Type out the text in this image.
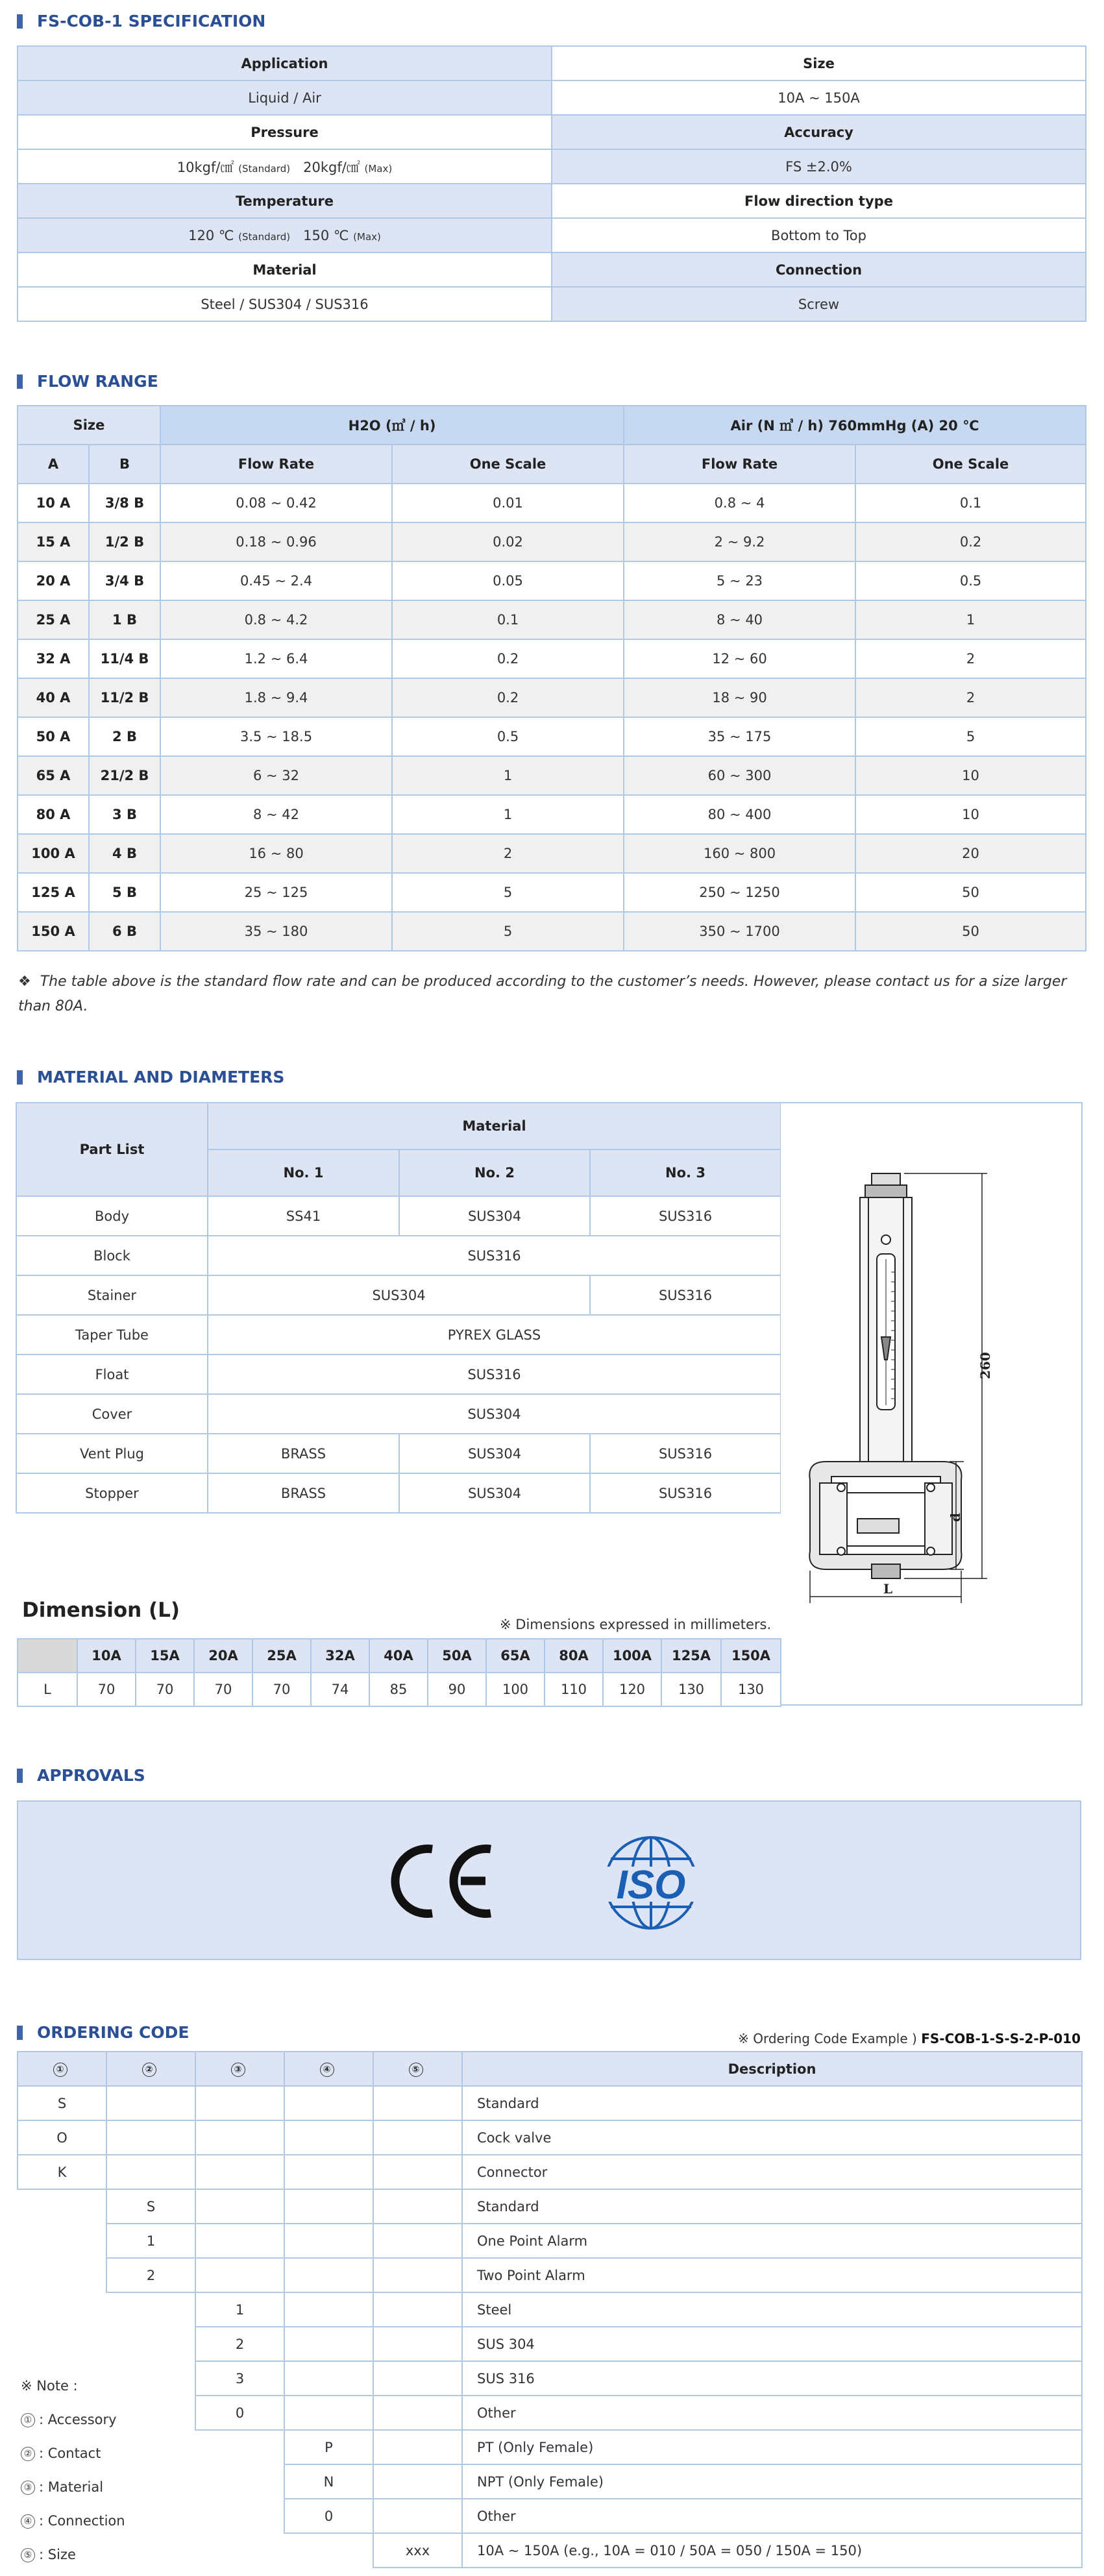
FS-COB-1 SPECIFICATION
Application	Size
Liquid / Air	10A ~ 150A
Pressure	Accuracy
10kgf/㎠ (Standard) 20kgf/㎠ (Max)	FS ±2.0%
Temperature	Flow direction type
120 ℃ (Standard) 150 ℃ (Max)	Bottom to Top
Material	Connection
Steel / SUS304 / SUS316	Screw
FLOW RANGE
Size		H2O (㎥ / h)		Air (N ㎥ / h) 760mmHg (A) 20 ℃	
A	B	Flow Rate	One Scale	Flow Rate	One Scale
10 A	3/8 B	0.08 ~ 0.42	0.01	0.8 ~ 4	0.1
15 A	1/2 B	0.18 ~ 0.96	0.02	2 ~ 9.2	0.2
20 A	3/4 B	0.45 ~ 2.4	0.05	5 ~ 23	0.5
25 A	1 B	0.8 ~ 4.2	0.1	8 ~ 40	1
32 A	11/4 B	1.2 ~ 6.4	0.2	12 ~ 60	2
40 A	11/2 B	1.8 ~ 9.4	0.2	18 ~ 90	2
50 A	2 B	3.5 ~ 18.5	0.5	35 ~ 175	5
65 A	21/2 B	6 ~ 32	1	60 ~ 300	10
80 A	3 B	8 ~ 42	1	80 ~ 400	10
100 A	4 B	16 ~ 80	2	160 ~ 800	20
125 A	5 B	25 ~ 125	5	250 ~ 1250	50
150 A	6 B	35 ~ 180	5	350 ~ 1700	50
❖ The table above is the standard flow rate and can be produced according to the customer’s needs. However, please contact us for a size larger than 80A.
MATERIAL AND DIAMETERS
Part List	Material		
	No. 1	No. 2	No. 3
Body	SS41	SUS304	SUS316
Block	SUS316		
Stainer	SUS304		SUS316
Taper Tube	PYREX GLASS		
Float	SUS316		
Cover	SUS304		
Vent Plug	BRASS	SUS304	SUS316
Stopper	BRASS	SUS304	SUS316
260
d
L
Dimension (L)
※ Dimensions expressed in millimeters.
	10A	15A	20A	25A	32A	40A	50A	65A	80A	100A	125A	150A
L	70	70	70	70	74	85	90	100	110	120	130	130
APPROVALS
ISO
ORDERING CODE	※ Ordering Code Example ) FS-COB-1-S-S-2-P-010
①	②	③	④	⑤	Description
S					Standard
O					Cock valve
K					Connector
	S				Standard
	1				One Point Alarm
	2				Two Point Alarm
		1			Steel
		2			SUS 304
		3			SUS 316
		0			Other
			P		PT (Only Female)
			N		NPT (Only Female)
			0		Other
				xxx	10A ~ 150A (e.g., 10A = 010 / 50A = 050 / 150A = 150)
※ Note :
① : Accessory
② : Contact
③ : Material
④ : Connection
⑤ : Size
